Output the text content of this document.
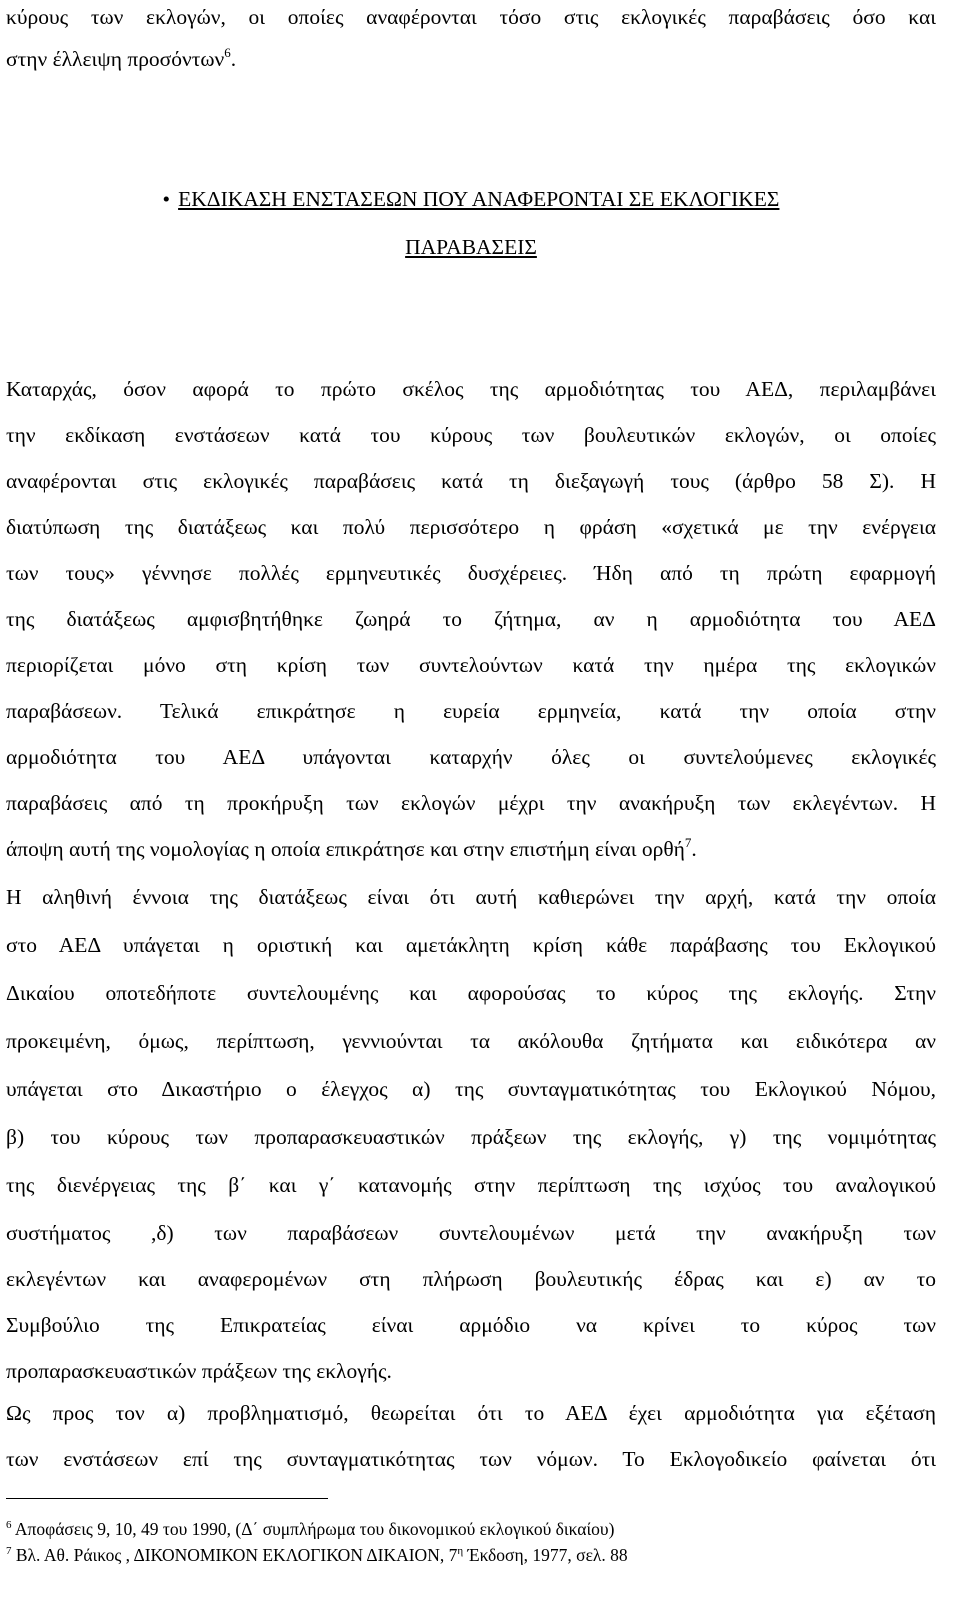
κύρους των εκλογών, οι οποίες αναφέρονται τόσο στις εκλογικές παραβάσεις όσο και
στην έλλειψη προσόντων$^6$.
• ΕΚΔΙΚΑΣΗ ΕΝΣΤΑΣΕΩΝ ΠΟΥ ΑΝΑΦΕΡΟΝΤΑΙ ΣΕ ΕΚΛΟΓΙΚΕΣ
ΠΑΡΑΒΑΣΕΙΣ
Καταρχάς, όσον αφορά το πρώτο σκέλος της αρμοδιότητας του ΑΕΔ, περιλαμβάνει
την εκδίκαση ενστάσεων κατά του κύρους των βουλευτικών εκλογών, οι οποίες
αναφέρονται στις εκλογικές παραβάσεις κατά τη διεξαγωγή τους (άρθρο 58 Σ). Η
διατύπωση της διατάξεως και πολύ περισσότερο η φράση «σχετικά με την ενέργεια
των τους» γέννησε πολλές ερμηνευτικές δυσχέρειες. Ήδη από τη πρώτη εφαρμογή
της διατάξεως αμφισβητήθηκε ζωηρά το ζήτημα, αν η αρμοδιότητα του ΑΕΔ
περιορίζεται μόνο στη κρίση των συντελούντων κατά την ημέρα της εκλογικών
παραβάσεων. Τελικά επικράτησε η ευρεία ερμηνεία, κατά την οποία στην
αρμοδιότητα του ΑΕΔ υπάγονται καταρχήν όλες οι συντελούμενες εκλογικές
παραβάσεις από τη προκήρυξη των εκλογών μέχρι την ανακήρυξη των εκλεγέντων. Η
άποψη αυτή της νομολογίας η οποία επικράτησε και στην επιστήμη είναι ορθή$^7$.
Η αληθινή έννοια της διατάξεως είναι ότι αυτή καθιερώνει την αρχή, κατά την οποία
στο ΑΕΔ υπάγεται η οριστική και αμετάκλητη κρίση κάθε παράβασης του Εκλογικού
Δικαίου οποτεδήποτε συντελουμένης και αφορούσας το κύρος της εκλογής. Στην
προκειμένη, όμως, περίπτωση, γεννιούνται τα ακόλουθα ζητήματα και ειδικότερα αν
υπάγεται στο Δικαστήριο ο έλεγχος α) της συνταγματικότητας του Εκλογικού Νόμου,
β) του κύρους των προπαρασκευαστικών πράξεων της εκλογής, γ) της νομιμότητας
της διενέργειας της β΄ και γ΄ κατανομής στην περίπτωση της ισχύος του αναλογικού
συστήματος ,δ) των παραβάσεων συντελουμένων μετά την ανακήρυξη των
εκλεγέντων και αναφερομένων στη πλήρωση βουλευτικής έδρας και ε) αν το
Συμβούλιο της Επικρατείας είναι αρμόδιο να κρίνει το κύρος των
προπαρασκευαστικών πράξεων της εκλογής.
Ως προς τον α) προβληματισμό, θεωρείται ότι το ΑΕΔ έχει αρμοδιότητα για εξέταση
των ενστάσεων επί της συνταγματικότητας των νόμων. Το Εκλογοδικείο φαίνεται ότι
$^6$ Αποφάσεις 9, 10, 49 του 1990, (Δ΄ συμπλήρωμα του δικονομικού εκλογικού δικαίου)
$^7$ Βλ. Αθ. Ράικος , ΔΙΚΟΝΟΜΙΚΟΝ ΕΚΛΟΓΙΚΟΝ ΔΙΚΑΙΟΝ, $7^\eta$ Έκδοση, 1977, σελ. 88
